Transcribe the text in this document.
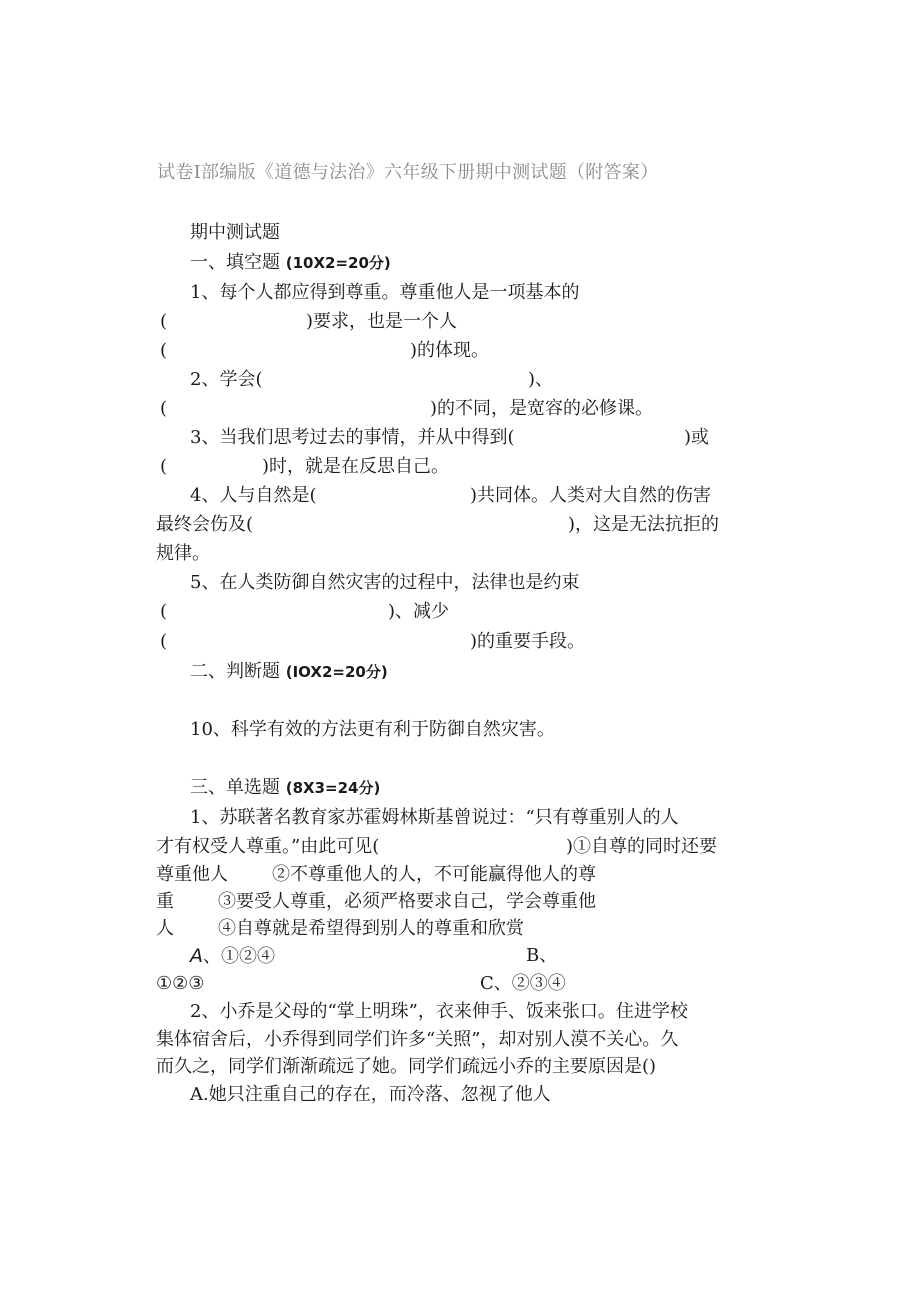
试卷I部编版《道德与法治》六年级下册期中测试题（附答案）
期中测试题
一、填空题 (10X2=20分)
1、每个人都应得到尊重。尊重他人是一项基本的
(	)要求，也是一个人
(	)的体现。
2、学会(	)、
(	)的不同，是宽容的必修课。
3、当我们思考过去的事情，并从中得到(	)或
(	)时，就是在反思自己。
4、人与自然是(	)共同体。人类对大自然的伤害
最终会伤及(	)，这是无法抗拒的
规律。
5、在人类防御自然灾害的过程中，法律也是约束
(	)、减少
(	)的重要手段。
二、判断题 (IOX2=20分)
10、科学有效的方法更有利于防御自然灾害。
三、单选题 (8X3=24分)
1、苏联著名教育家苏霍姆林斯基曾说过：“只有尊重别人的人
才有权受人尊重。”由此可见(	)①自尊的同时还要
尊重他人 ②不尊重他人的人，不可能赢得他人的尊
重 ③要受人尊重，必须严格要求自己，学会尊重他
人 ④自尊就是希望得到别人的尊重和欣赏
A、①②④	B、
①②③	C、②③④
2、小乔是父母的“掌上明珠”，衣来伸手、饭来张口。住进学校
集体宿舍后，小乔得到同学们许多“关照”，却对别人漠不关心。久
而久之，同学们渐渐疏远了她。同学们疏远小乔的主要原因是()
A.她只注重自己的存在，而冷落、忽视了他人
